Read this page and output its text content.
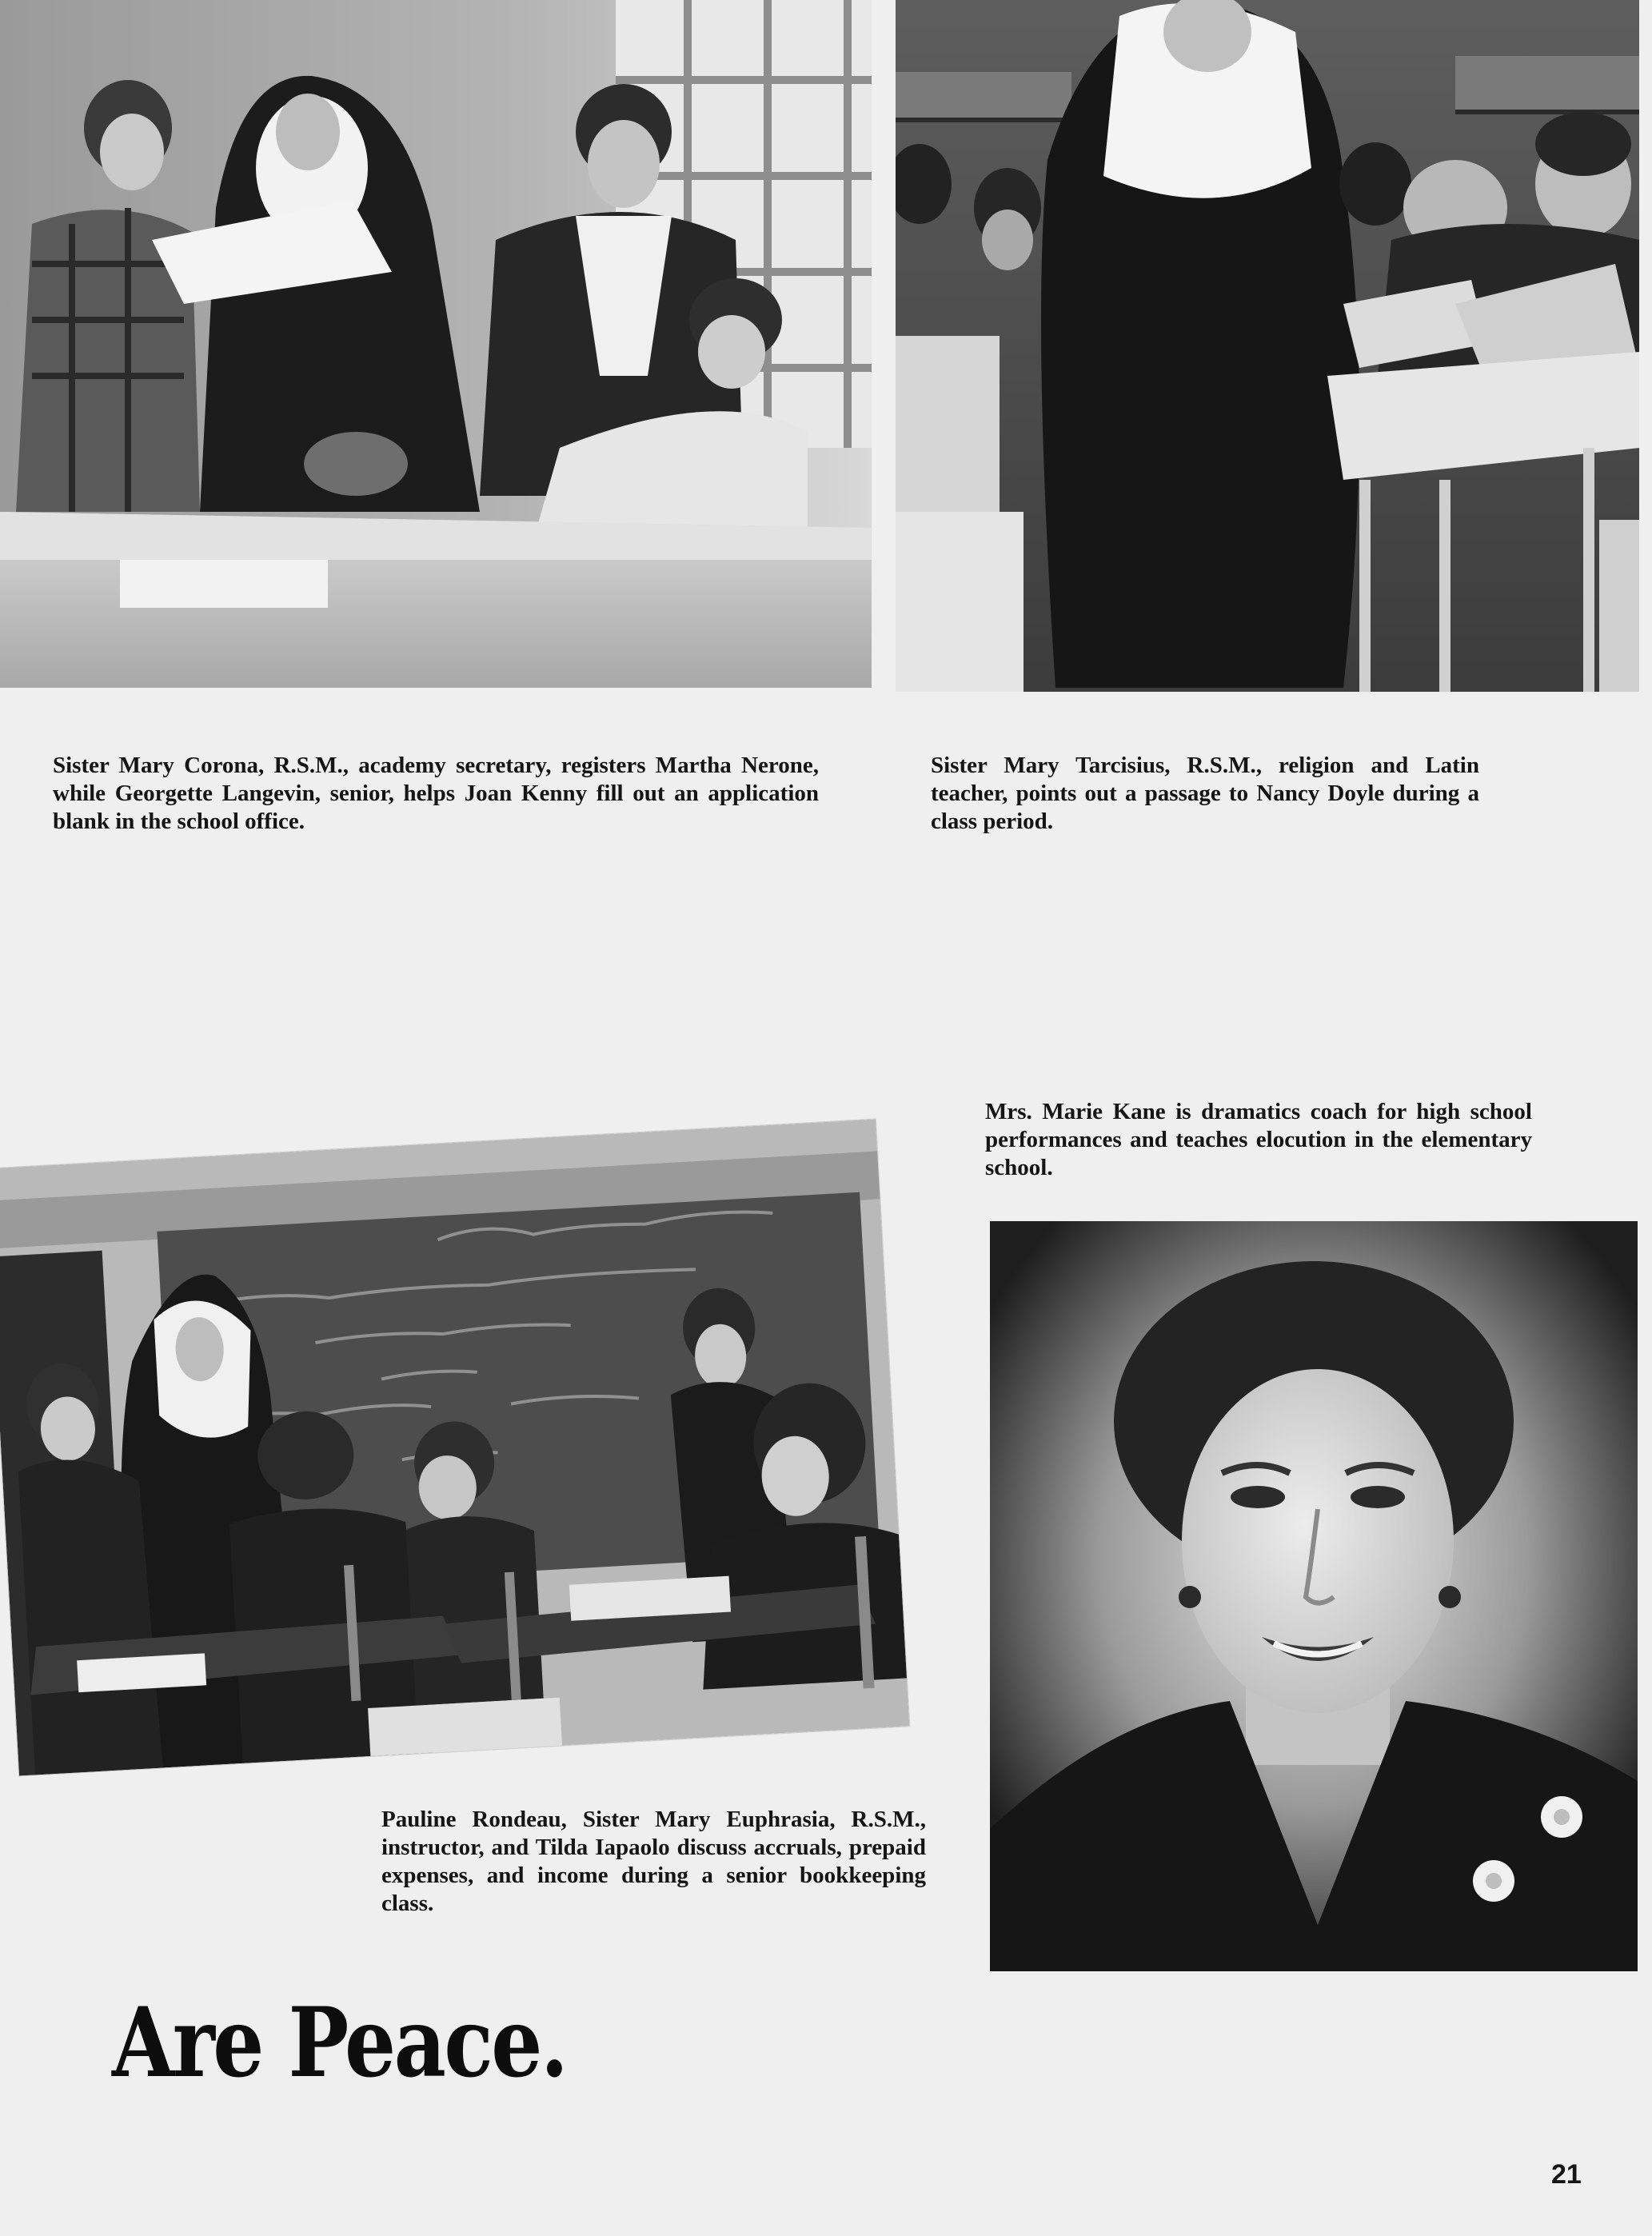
Sister Mary Corona, R.S.M., academy secretary, registers Martha Nerone, while Georgette Langevin, senior, helps Joan Kenny fill out an application blank in the school office.

Sister Mary Tarcisius, R.S.M., religion and Latin teacher, points out a passage to Nancy Doyle during a class period.

Mrs. Marie Kane is dramatics coach for high school performances and teaches elocution in the elementary school.

Pauline Rondeau, Sister Mary Euphrasia, R.S.M., instructor, and Tilda Iapaolo discuss accruals, prepaid expenses, and income during a senior bookkeeping class.

Are Peace.
21
